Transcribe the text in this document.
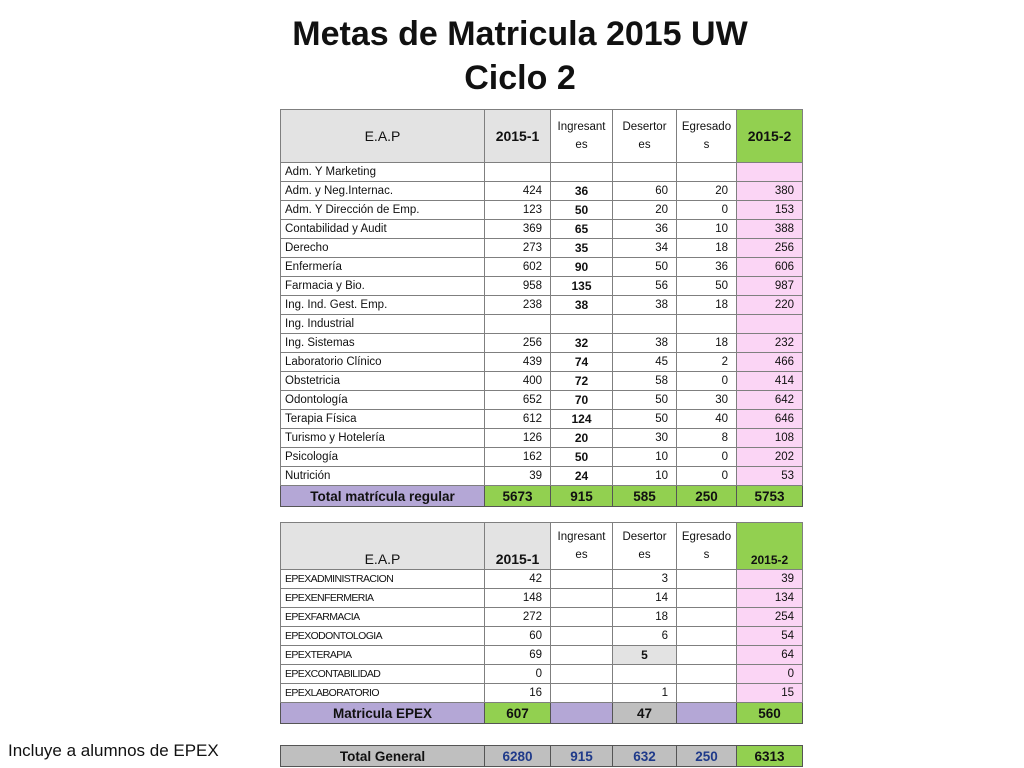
Metas de Matricula 2015 UW
Ciclo 2
E.A.P	2015-1	Ingresant es	Desertor es	Egresado s	2015-2
Adm. Y Marketing					
Adm. y Neg.Internac.	424	36	60	20	380
Adm. Y Dirección de Emp.	123	50	20	0	153
Contabilidad y Audit	369	65	36	10	388
Derecho	273	35	34	18	256
Enfermería	602	90	50	36	606
Farmacia y Bio.	958	135	56	50	987
Ing. Ind. Gest. Emp.	238	38	38	18	220
Ing. Industrial					
Ing. Sistemas	256	32	38	18	232
Laboratorio Clínico	439	74	45	2	466
Obstetricia	400	72	58	0	414
Odontología	652	70	50	30	642
Terapia Física	612	124	50	40	646
Turismo y Hotelería	126	20	30	8	108
Psicología	162	50	10	0	202
Nutrición	39	24	10	0	53
Total matrícula regular	5673	915	585	250	5753
E.A.P	2015-1	Ingresant es	Desertor es	Egresado s	2015-2
EPEXADMINISTRACION	42		3		39
EPEXENFERMERIA	148		14		134
EPEXFARMACIA	272		18		254
EPEXODONTOLOGIA	60		6		54
EPEXTERAPIA	69		5		64
EPEXCONTABILIDAD	0				0
EPEXLABORATORIO	16		1		15
Matricula EPEX	607		47		560
Total General	6280	915	632	250	6313
Incluye a alumnos de EPEX
